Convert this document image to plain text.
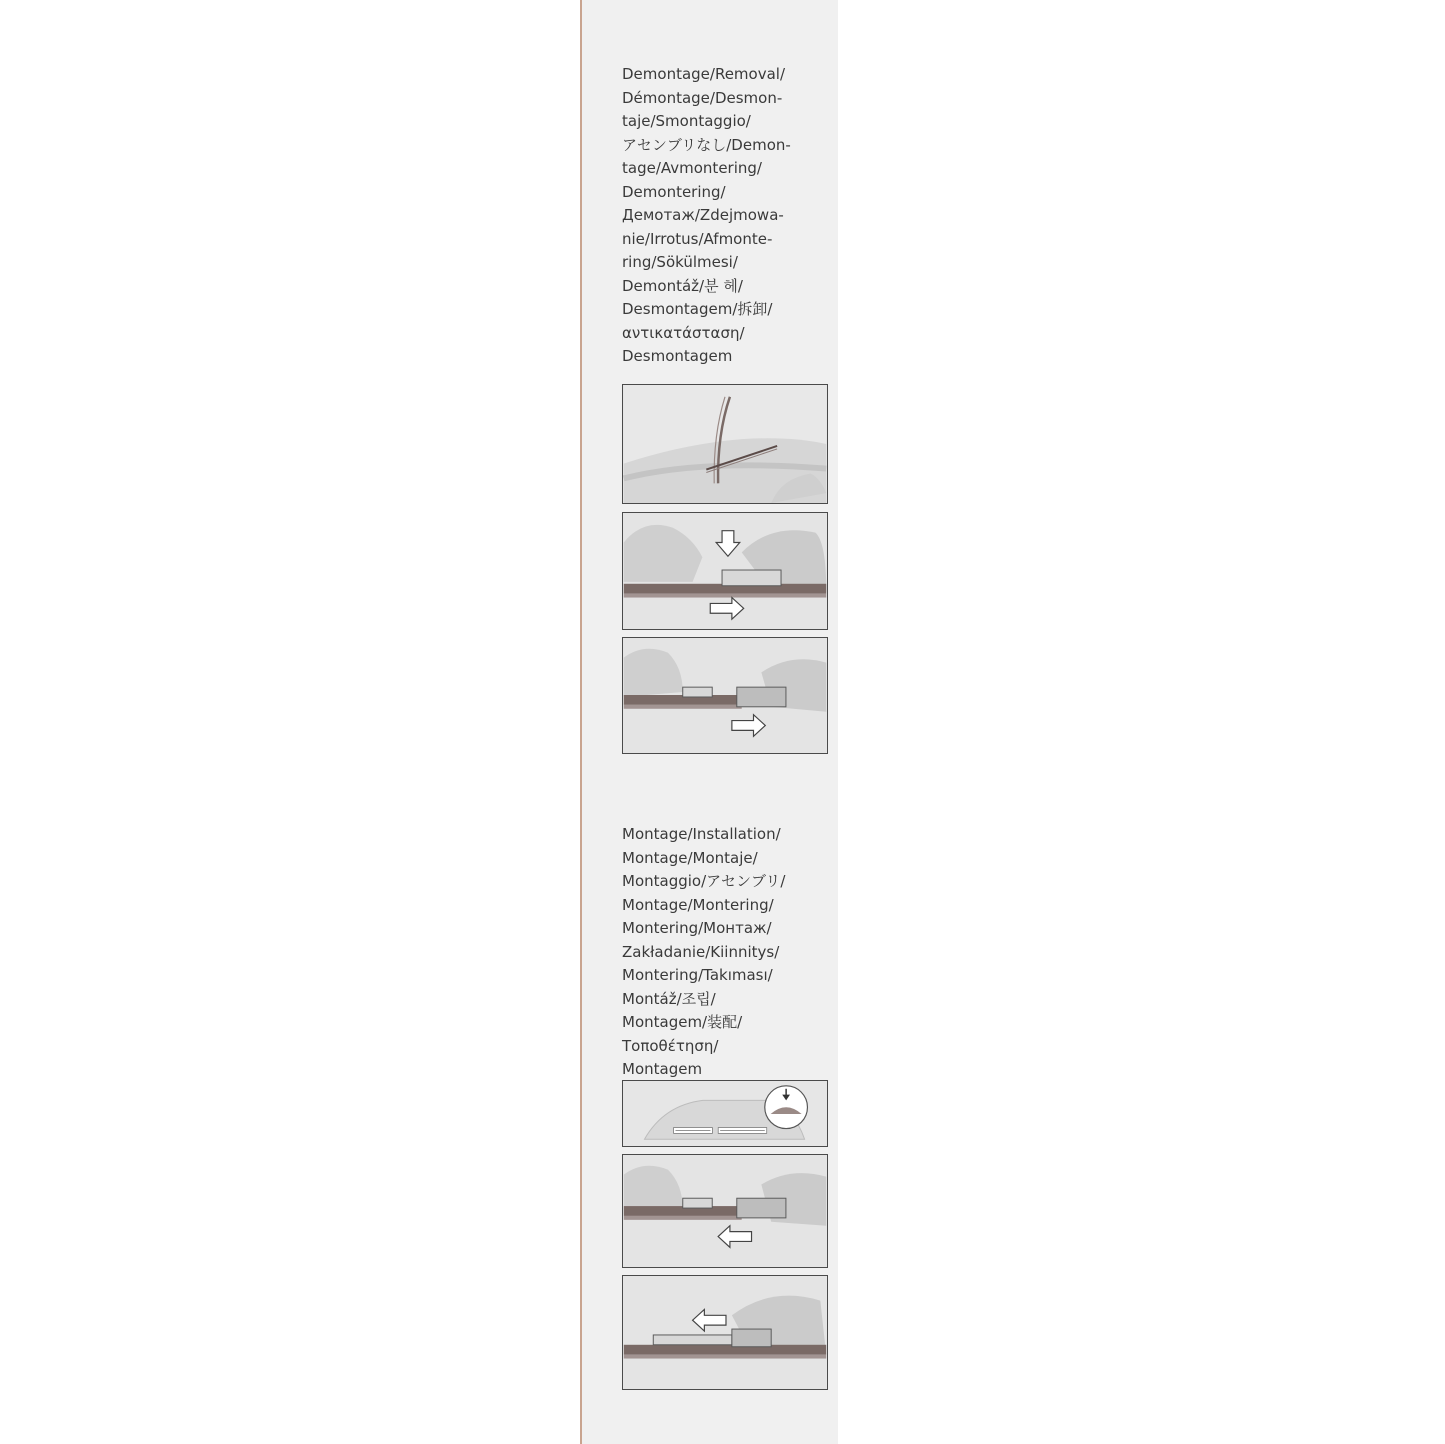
Demontage/Removal/
Démontage/Desmon-
taje/Smontaggio/
アセンブリなし/Demon-
tage/Avmontering/
Demontering/
Демотаж/Zdejmowa-
nie/Irrotus/Afmonte-
ring/Sökülmesi/
Demontáž/분 헤/
Desmontagem/拆卸/
αντικατάσταση/
Desmontagem
Montage/Installation/
Montage/Montaje/
Montaggio/アセンブリ/
Montage/Montering/
Montering/Монтаж/
Zakładanie/Kiinnitys/
Montering/Takıması/
Montáž/조립/
Montagem/装配/
Τοποθέτηση/
Montagem
